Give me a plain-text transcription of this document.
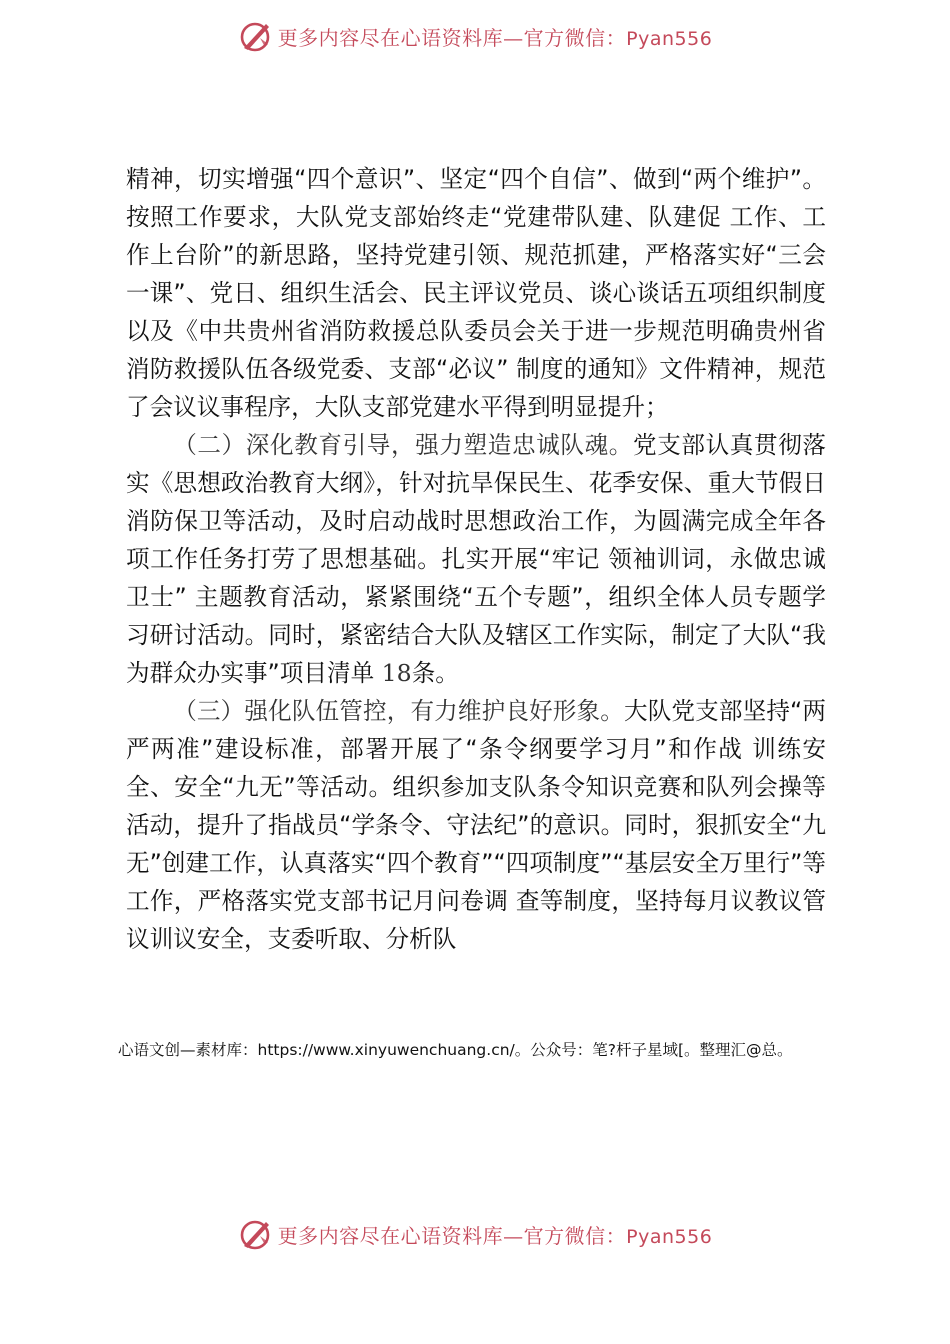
更多内容尽在心语资料库—官方微信：Pyan556

精神，切实增强“四个意识”、坚定“四个自信”、做到“两个维护”。按照工作要求，大队党支部始终走“党建带队建、队建促 工作、工作上台阶”的新思路，坚持党建引领、规范抓建，严格落实好“三会一课”、党日、组织生活会、民主评议党员、谈心谈话五项组织制度以及《中共贵州省消防救援总队委员会关于进一步规范明确贵州省消防救援队伍各级党委、支部“必议” 制度的通知》文件精神，规范了会议议事程序，大队支部党建水平得到明显提升；

（二）深化教育引导，强力塑造忠诚队魂。党支部认真贯彻落实《思想政治教育大纲》，针对抗旱保民生、花季安保、重大节假日消防保卫等活动，及时启动战时思想政治工作，为圆满完成全年各项工作任务打劳了思想基础。扎实开展“牢记 领袖训词，永做忠诚卫士” 主题教育活动，紧紧围绕“五个专题”，组织全体人员专题学习研讨活动。同时，紧密结合大队及辖区工作实际，制定了大队“我为群众办实事”项目清单 18条。

（三）强化队伍管控，有力维护良好形象。大队党支部坚持“两严两准”建设标准，部署开展了“条令纲要学习月”和作战 训练安全、安全“九无”等活动。组织参加支队条令知识竞赛和队列会操等活动，提升了指战员“学条令、守法纪”的意识。同时，狠抓安全“九无”创建工作，认真落实“四个教育”“四项制度”“基层安全万里行”等工作，严格落实党支部书记月问卷调 查等制度，坚持每月议教议管议训议安全，支委听取、分析队

心语文创—素材库：https://www.xinyuwenchuang.cn/。公众号：笔?杆子星域[。整理汇@总。
更多内容尽在心语资料库—官方微信：Pyan556
